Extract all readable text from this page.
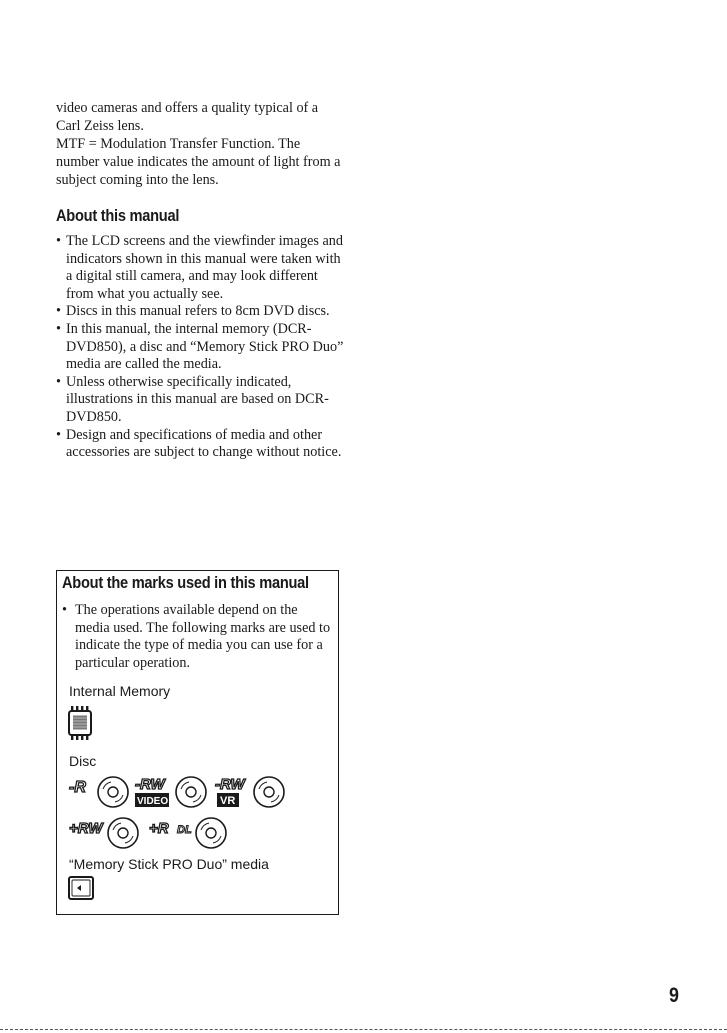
video cameras and offers a quality typical of a Carl Zeiss lens.

MTF = Modulation Transfer Function. The number value indicates the amount of light from a subject coming into the lens.

About this manual
• The LCD screens and the viewfinder images and indicators shown in this manual were taken with a digital still camera, and may look different from what you actually see.
• Discs in this manual refers to 8cm DVD discs.
• In this manual, the internal memory (DCR-DVD850), a disc and “Memory Stick PRO Duo” media are called the media.
• Unless otherwise specifically indicated, illustrations in this manual are based on DCR-DVD850.
• Design and specifications of media and other accessories are subject to change without notice.
About the marks used in this manual
• The operations available depend on the media used. The following marks are used to indicate the type of media you can use for a particular operation.
Internal Memory
Disc
-R	-RW
VIDEO
-RW
VR
+RW	+R DL
“Memory Stick PRO Duo” media
9
